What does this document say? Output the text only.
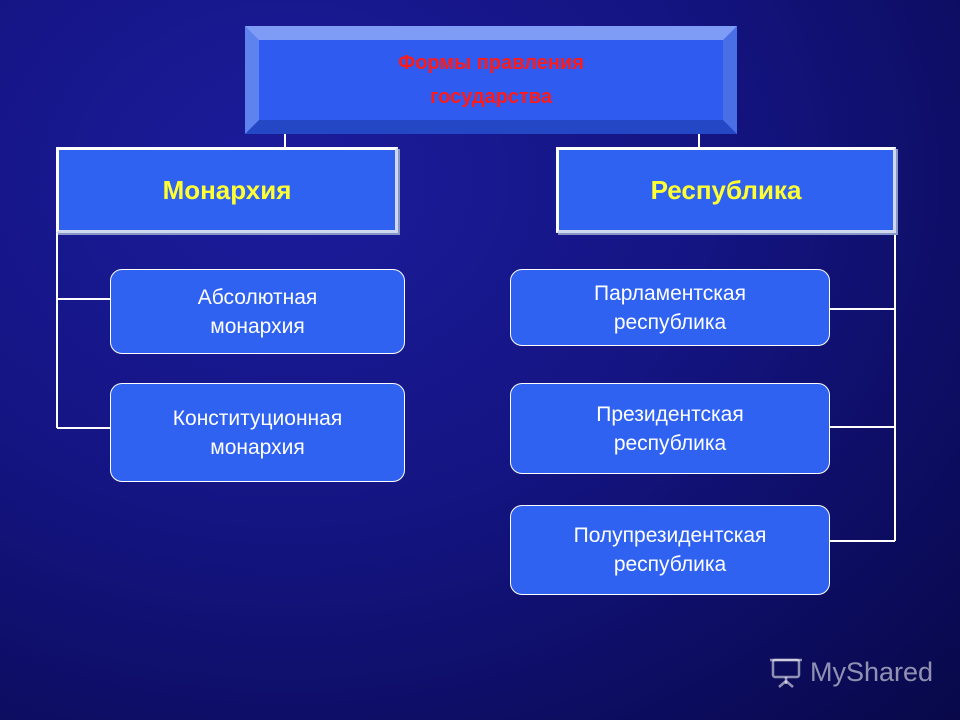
Формы правления
государства
Монархия	Республика
Абсолютная
монархия
Конституционная
монархия
Парламентская
республика
Президентская
республика
Полупрезидентская
республика
MyShared
